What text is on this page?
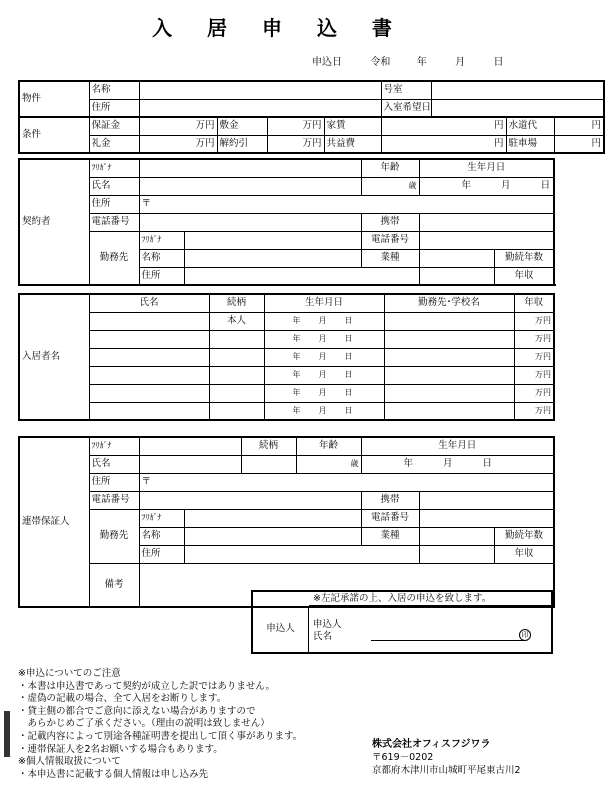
入 居 申 込 書
申込日	令和	年	月	日
物件	名称					号室			
	住所					入室希望日			
条件	保証金	万円	敷金	万円	家賃	円		水道代	円
	礼金	万円	解約引	万円	共益費	円		駐車場	円
契約者	ﾌﾘｶﾞﾅ			年齢	生年月日		
	氏名			歳	年 月 日		
	住所	〒					
	電話番号			携帯			
	勤務先	ﾌﾘｶﾞﾅ		電話番号			
		名称		業種		勤続年数	
		住所				年収	
入居者名	氏名	続柄	生年月日	勤務先･学校名	年収
		本人	年 月 日		万円
			年 月 日		万円
			年 月 日		万円
			年 月 日		万円
			年 月 日		万円
			年 月 日		万円
連帯保証人	ﾌﾘｶﾞﾅ			続柄	年齢	生年月日			
	氏名				歳	年 月 日			
	住所	〒							
	電話番号					携帯			
	勤務先	ﾌﾘｶﾞﾅ				電話番号			
		名称				業種		勤続年数	
		住所						年収	
	備考								

※左記承諾の上、入居の申込を致します。
申込人	申込人
氏名	印
※申込についてのご注意
・本書は申込書であって契約が成立した訳ではありません。
・虚偽の記載の場合、全て入居をお断りします。
・貸主側の都合でご意向に添えない場合がありますので
　あらかじめご了承ください。（理由の説明は致しません）
・記載内容によって別途各種証明書を提出して頂く事があります。
・連帯保証人を2名お願いする場合もあります。
※個人情報取扱について
・本申込書に記載する個人情報は申し込み先
株式会社オフィスフジワラ
〒619－0202
京都府木津川市山城町平尾東古川2
